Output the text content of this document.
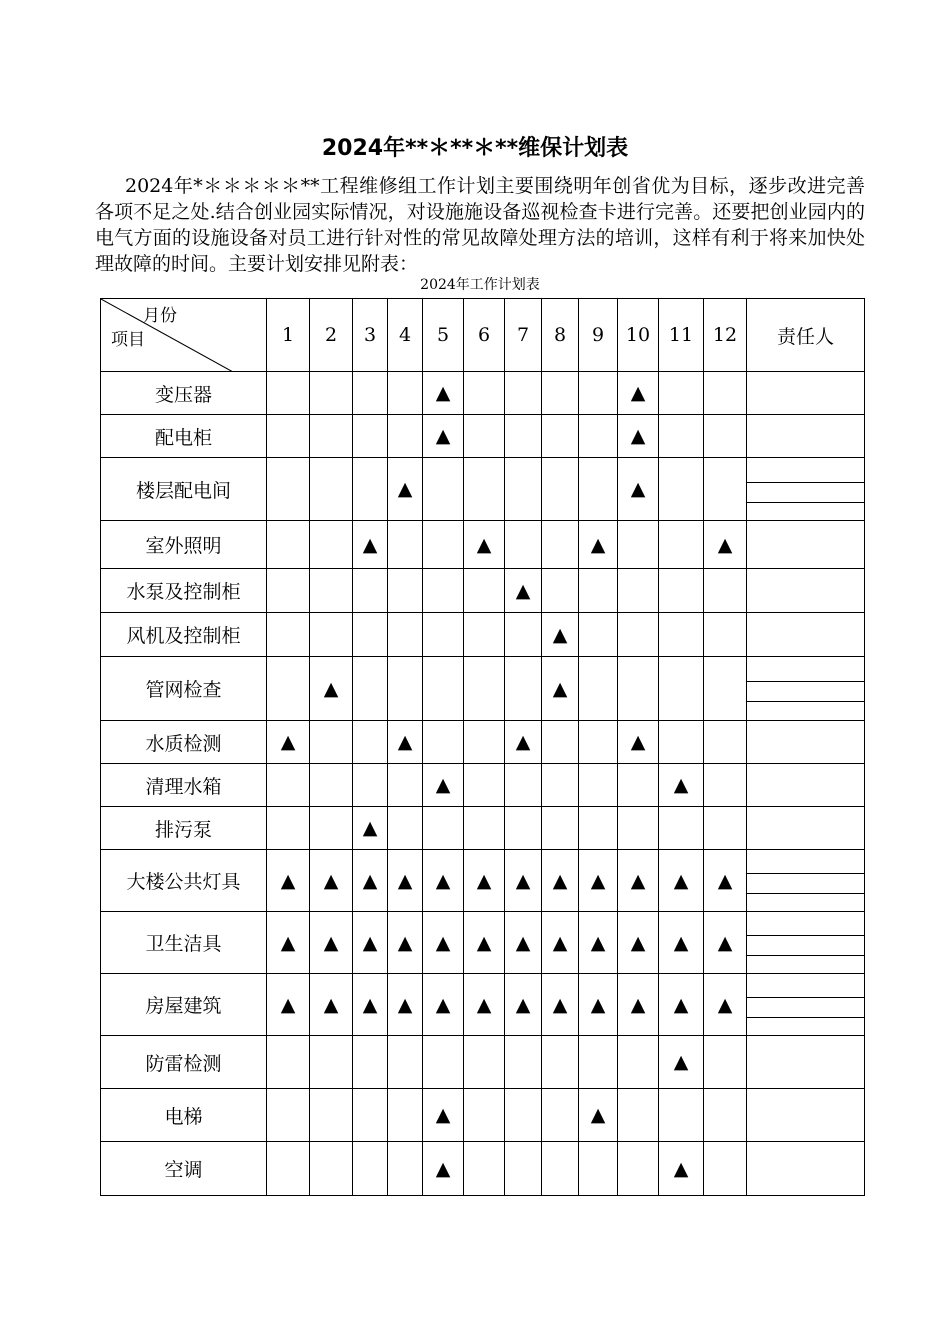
2024年**＊**＊**维保计划表

2024年*＊＊＊＊＊**工程维修组工作计划主要围绕明年创省优为目标，逐步改进完善各项不足之处.结合创业园实际情况，对设施施设备巡视检查卡进行完善。还要把创业园内的电气方面的设施设备对员工进行针对性的常见故障处理方法的培训，这样有利于将来加快处理故障的时间。主要计划安排见附表：

2024年工作计划表
月份
项目	1	2	3	4	5	6	7	8	9	10	11	12	责任人
变压器					▲					▲			
配电柜					▲					▲			
楼层配电间				▲						▲			

室外照明			▲			▲			▲			▲	
水泵及控制柜							▲						
风机及控制柜								▲					
管网检查		▲						▲					

水质检测	▲			▲			▲			▲			
清理水箱					▲						▲		
排污泵			▲										
大楼公共灯具	▲	▲	▲	▲	▲	▲	▲	▲	▲	▲	▲	▲	

卫生洁具	▲	▲	▲	▲	▲	▲	▲	▲	▲	▲	▲	▲	

房屋建筑	▲	▲	▲	▲	▲	▲	▲	▲	▲	▲	▲	▲	

防雷检测											▲		
电梯					▲				▲				
空调					▲						▲		
